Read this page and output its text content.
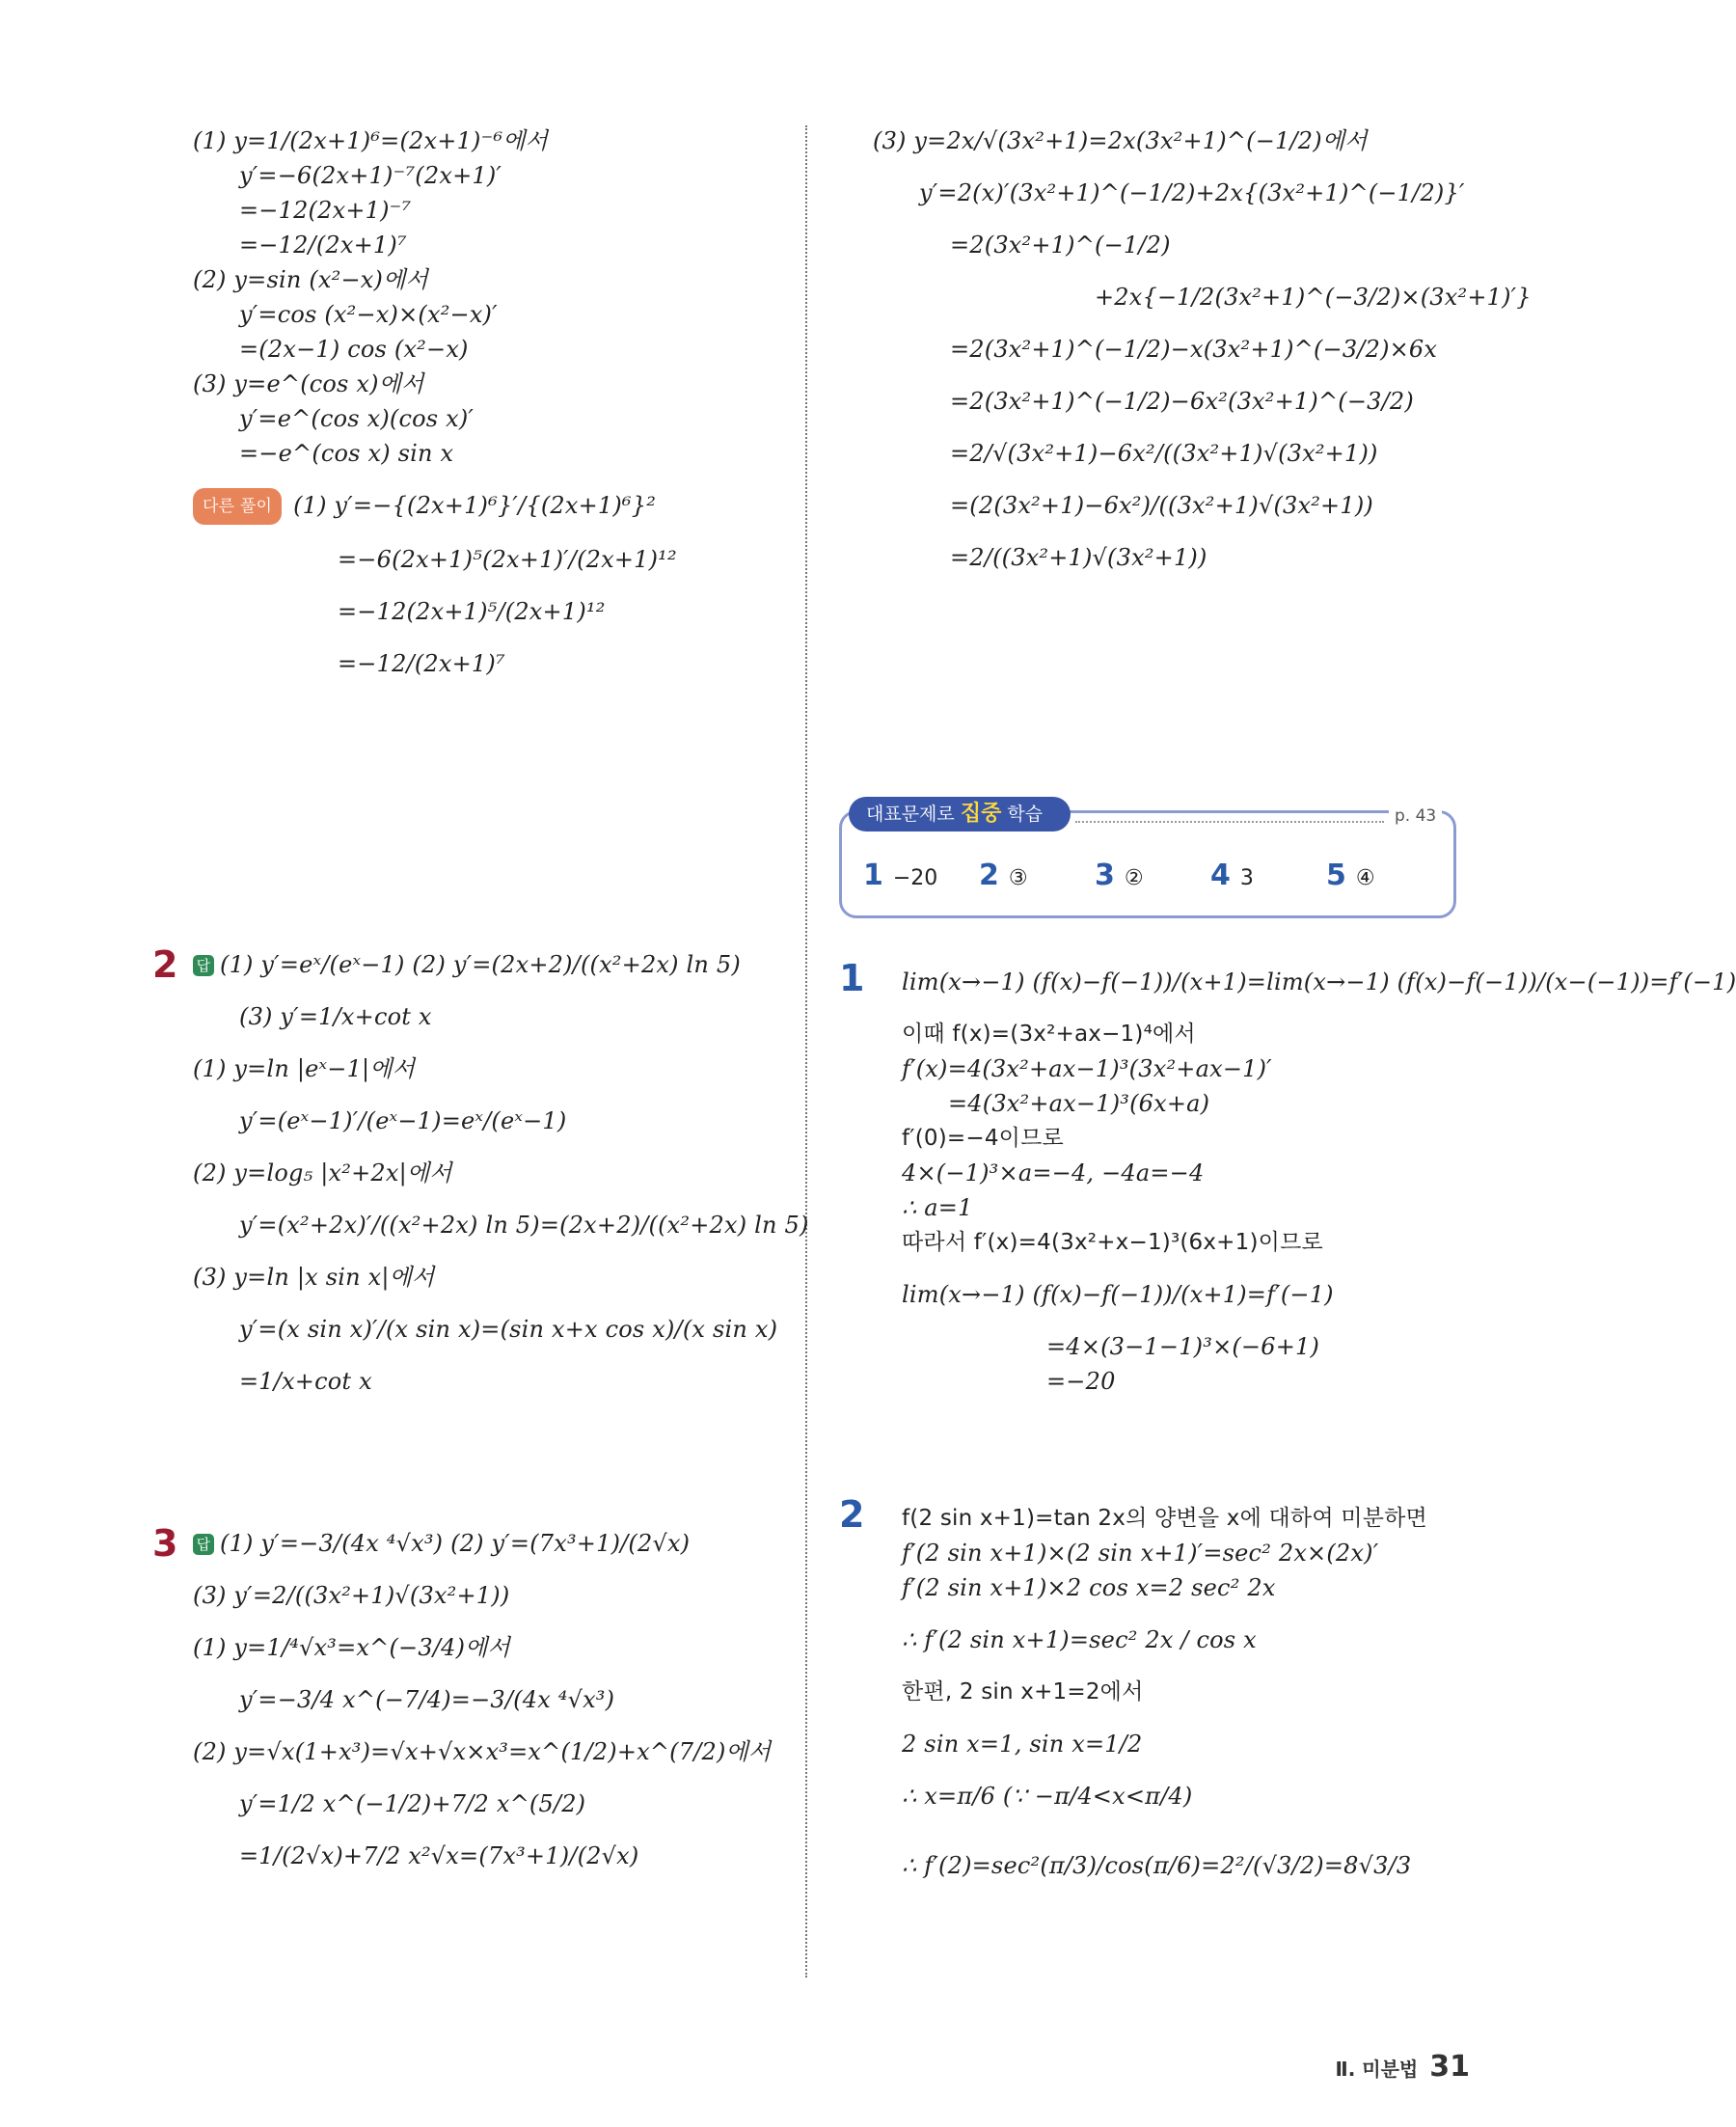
(1) y=1/(2x+1)⁶=(2x+1)⁻⁶에서
y′=−6(2x+1)⁻⁷(2x+1)′
=−12(2x+1)⁻⁷
=−12/(2x+1)⁷
(2) y=sin (x²−x)에서
y′=cos (x²−x)×(x²−x)′
=(2x−1) cos (x²−x)
(3) y=e^(cos x)에서
y′=e^(cos x)(cos x)′
=−e^(cos x) sin x
다른 풀이 (1) y′=−{(2x+1)⁶}′/{(2x+1)⁶}²
=−6(2x+1)⁵(2x+1)′/(2x+1)¹²
=−12(2x+1)⁵/(2x+1)¹²
=−12/(2x+1)⁷
2 답 (1) y′=eˣ/(eˣ−1) (2) y′=(2x+2)/((x²+2x) ln 5)
(3) y′=1/x+cot x
(1) y=ln |eˣ−1|에서
y′=(eˣ−1)′/(eˣ−1)=eˣ/(eˣ−1)
(2) y=log₅ |x²+2x|에서
y′=(x²+2x)′/((x²+2x) ln 5)=(2x+2)/((x²+2x) ln 5)
(3) y=ln |x sin x|에서
y′=(x sin x)′/(x sin x)=(sin x+x cos x)/(x sin x)
=1/x+cot x
3 답 (1) y′=−3/(4x ⁴√x³) (2) y′=(7x³+1)/(2√x)
(3) y′=2/((3x²+1)√(3x²+1))
(1) y=1/⁴√x³=x^(−3/4)에서
y′=−3/4 x^(−7/4)=−3/(4x ⁴√x³)
(2) y=√x(1+x³)=√x+√x×x³=x^(1/2)+x^(7/2)에서
y′=1/2 x^(−1/2)+7/2 x^(5/2)
=1/(2√x)+7/2 x²√x=(7x³+1)/(2√x)
(3) y=2x/√(3x²+1)=2x(3x²+1)^(−1/2)에서
y′=2(x)′(3x²+1)^(−1/2)+2x{(3x²+1)^(−1/2)}′
=2(3x²+1)^(−1/2)
+2x{−1/2(3x²+1)^(−3/2)×(3x²+1)′}
=2(3x²+1)^(−1/2)−x(3x²+1)^(−3/2)×6x
=2(3x²+1)^(−1/2)−6x²(3x²+1)^(−3/2)
=2/√(3x²+1)−6x²/((3x²+1)√(3x²+1))
=(2(3x²+1)−6x²)/((3x²+1)√(3x²+1))
=2/((3x²+1)√(3x²+1))
대표문제로 집중 학습	p. 43
1 −20	2 ③	3 ②	4 3	5 ④
1 lim(x→−1) (f(x)−f(−1))/(x+1)=lim(x→−1) (f(x)−f(−1))/(x−(−1))=f′(−1)
이때 f(x)=(3x²+ax−1)⁴에서
f′(x)=4(3x²+ax−1)³(3x²+ax−1)′
=4(3x²+ax−1)³(6x+a)
f′(0)=−4이므로
4×(−1)³×a=−4, −4a=−4
∴ a=1
따라서 f′(x)=4(3x²+x−1)³(6x+1)이므로
lim(x→−1) (f(x)−f(−1))/(x+1)=f′(−1)
=4×(3−1−1)³×(−6+1)
=−20
2 f(2 sin x+1)=tan 2x의 양변을 x에 대하여 미분하면
f′(2 sin x+1)×(2 sin x+1)′=sec² 2x×(2x)′
f′(2 sin x+1)×2 cos x=2 sec² 2x
∴ f′(2 sin x+1)=sec² 2x / cos x
한편, 2 sin x+1=2에서
2 sin x=1, sin x=1/2
∴ x=π/6 (∵ −π/4<x<π/4)
∴ f′(2)=sec²(π/3)/cos(π/6)=2²/(√3/2)=8√3/3
Ⅱ. 미분법 31
